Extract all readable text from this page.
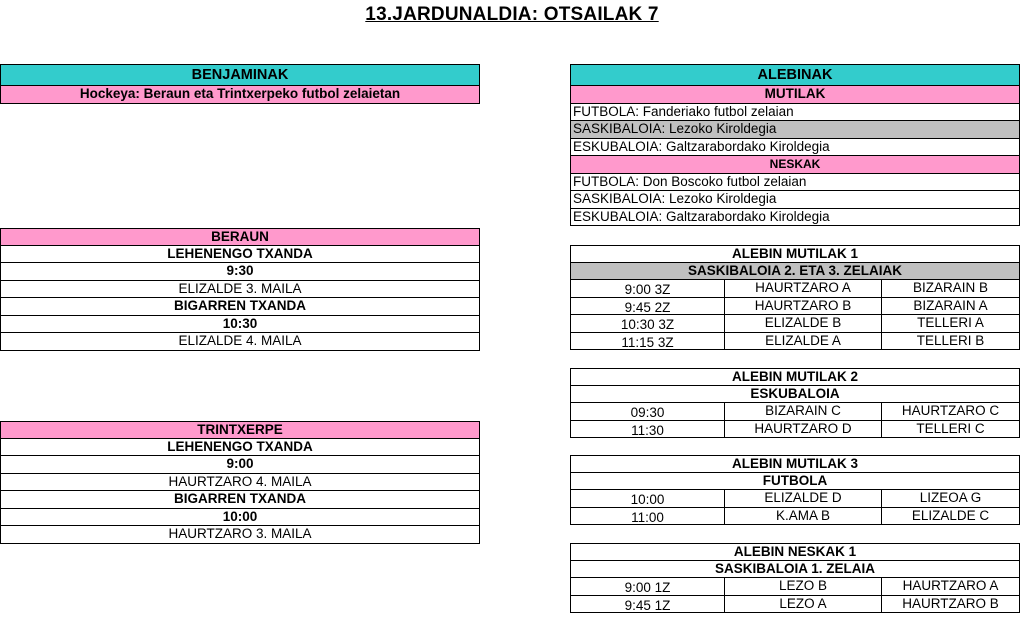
13.JARDUNALDIA: OTSAILAK 7
BENJAMINAK
Hockeya: Beraun eta Trintxerpeko futbol zelaietan
ALEBINAK
MUTILAK
FUTBOLA: Fanderiako futbol zelaian
SASKIBALOIA: Lezoko Kiroldegia
ESKUBALOIA: Galtzarabordako Kiroldegia
NESKAK
FUTBOLA: Don Boscoko futbol zelaian
SASKIBALOIA: Lezoko Kiroldegia
ESKUBALOIA: Galtzarabordako Kiroldegia
BERAUN
LEHENENGO TXANDA
9:30
ELIZALDE 3. MAILA
BIGARREN TXANDA
10:30
ELIZALDE 4. MAILA
TRINTXERPE
LEHENENGO TXANDA
9:00
HAURTZARO 4. MAILA
BIGARREN TXANDA
10:00
HAURTZARO 3. MAILA
ALEBIN MUTILAK 1
SASKIBALOIA 2. ETA 3. ZELAIAK
9:00 3Z	HAURTZARO A	BIZARAIN B
9:45 2Z	HAURTZARO B	BIZARAIN A
10:30 3Z	ELIZALDE B	TELLERI A
11:15 3Z	ELIZALDE A	TELLERI B
ALEBIN MUTILAK 2
ESKUBALOIA
09:30	BIZARAIN C	HAURTZARO C
11:30	HAURTZARO D	TELLERI C
ALEBIN MUTILAK 3
FUTBOLA
10:00	ELIZALDE D	LIZEOA G
11:00	K.AMA B	ELIZALDE C
ALEBIN NESKAK 1
SASKIBALOIA 1. ZELAIA
9:00 1Z	LEZO B	HAURTZARO A
9:45 1Z	LEZO A	HAURTZARO B
